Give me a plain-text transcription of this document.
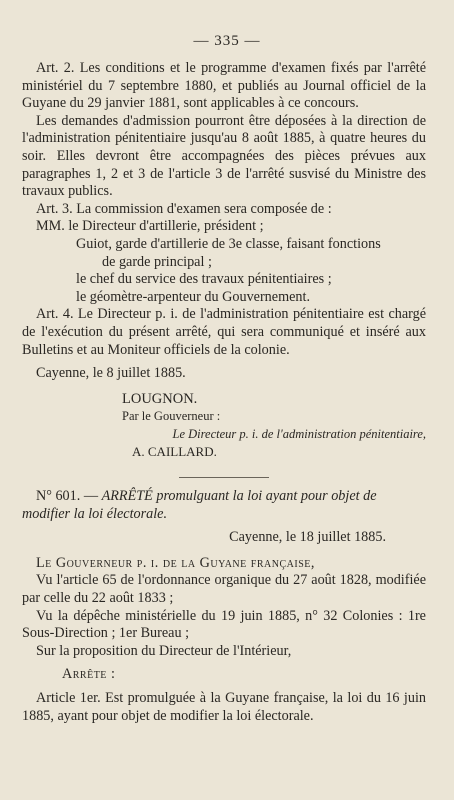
— 335 —

Art. 2. Les conditions et le programme d'examen fixés par l'arrêté ministériel du 7 septembre 1880, et publiés au Journal officiel de la Guyane du 29 janvier 1881, sont applicables à ce concours.

Les demandes d'admission pourront être déposées à la direction de l'administration pénitentiaire jusqu'au 8 août 1885, à quatre heures du soir. Elles devront être accompagnées des pièces prévues aux paragraphes 1, 2 et 3 de l'article 3 de l'arrêté susvisé du Ministre des travaux publics.

Art. 3. La commission d'examen sera composée de :

MM. le Directeur d'artillerie, président ;
Guiot, garde d'artillerie de 3e classe, faisant fonctions
de garde principal ;
le chef du service des travaux pénitentiaires ;
le géomètre-arpenteur du Gouvernement.

Art. 4. Le Directeur p. i. de l'administration pénitentiaire est chargé de l'exécution du présent arrêté, qui sera communiqué et inséré aux Bulletins et au Moniteur officiels de la colonie.

Cayenne, le 8 juillet 1885.

LOUGNON.

Par le Gouverneur :

Le Directeur p. i. de l'administration pénitentiaire,

A. CAILLARD.

N° 601. — ARRÊTÉ promulguant la loi ayant pour objet de modifier la loi électorale.

Cayenne, le 18 juillet 1885.

Le Gouverneur p. i. de la Guyane française,

Vu l'article 65 de l'ordonnance organique du 27 août 1828, modifiée par celle du 22 août 1833 ;

Vu la dépêche ministérielle du 19 juin 1885, n° 32 Colonies : 1re Sous-Direction ; 1er Bureau ;

Sur la proposition du Directeur de l'Intérieur,

Arrête :

Article 1er. Est promulguée à la Guyane française, la loi du 16 juin 1885, ayant pour objet de modifier la loi électorale.
